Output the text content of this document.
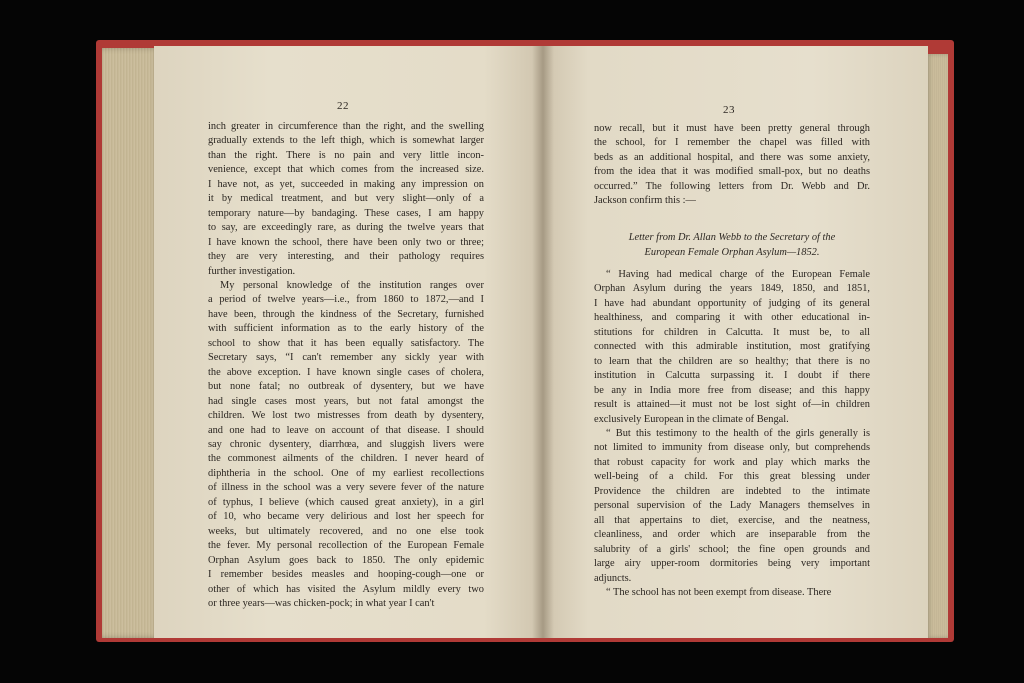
22
inch greater in circumference than the right, and the swelling
gradually extends to the left thigh, which is somewhat larger
than the right. There is no pain and very little incon-
venience, except that which comes from the increased size.
I have not, as yet, succeeded in making any impression on
it by medical treatment, and but very slight—only of a
temporary nature—by bandaging. These cases, I am happy
to say, are exceedingly rare, as during the twelve years that
I have known the school, there have been only two or three;
they are very interesting, and their pathology requires
further investigation.
My personal knowledge of the institution ranges over
a period of twelve years—i.e., from 1860 to 1872,—and I
have been, through the kindness of the Secretary, furnished
with sufficient information as to the early history of the
school to show that it has been equally satisfactory. The
Secretary says, “I can't remember any sickly year with
the above exception. I have known single cases of cholera,
but none fatal; no outbreak of dysentery, but we have
had single cases most years, but not fatal amongst the
children. We lost two mistresses from death by dysentery,
and one had to leave on account of that disease. I should
say chronic dysentery, diarrhœa, and sluggish livers were
the commonest ailments of the children. I never heard of
diphtheria in the school. One of my earliest recollections
of illness in the school was a very severe fever of the nature
of typhus, I believe (which caused great anxiety), in a girl
of 10, who became very delirious and lost her speech for
weeks, but ultimately recovered, and no one else took
the fever. My personal recollection of the European Female
Orphan Asylum goes back to 1850. The only epidemic
I remember besides measles and hooping-cough—one or
other of which has visited the Asylum mildly every two
or three years—was chicken-pock; in what year I can't
23
now recall, but it must have been pretty general through
the school, for I remember the chapel was filled with
beds as an additional hospital, and there was some anxiety,
from the idea that it was modified small-pox, but no deaths
occurred.” The following letters from Dr. Webb and Dr.
Jackson confirm this :—
Letter from Dr. Allan Webb to the Secretary of the
European Female Orphan Asylum—1852.
“ Having had medical charge of the European Female
Orphan Asylum during the years 1849, 1850, and 1851,
I have had abundant opportunity of judging of its general
healthiness, and comparing it with other educational in-
stitutions for children in Calcutta. It must be, to all
connected with this admirable institution, most gratifying
to learn that the children are so healthy; that there is no
institution in Calcutta surpassing it. I doubt if there
be any in India more free from disease; and this happy
result is attained—it must not be lost sight of—in children
exclusively European in the climate of Bengal.
“ But this testimony to the health of the girls generally is
not limited to immunity from disease only, but comprehends
that robust capacity for work and play which marks the
well-being of a child. For this great blessing under
Providence the children are indebted to the intimate
personal supervision of the Lady Managers themselves in
all that appertains to diet, exercise, and the neatness,
cleanliness, and order which are inseparable from the
salubrity of a girls' school; the fine open grounds and
large airy upper-room dormitories being very important
adjuncts.
“ The school has not been exempt from disease. There
